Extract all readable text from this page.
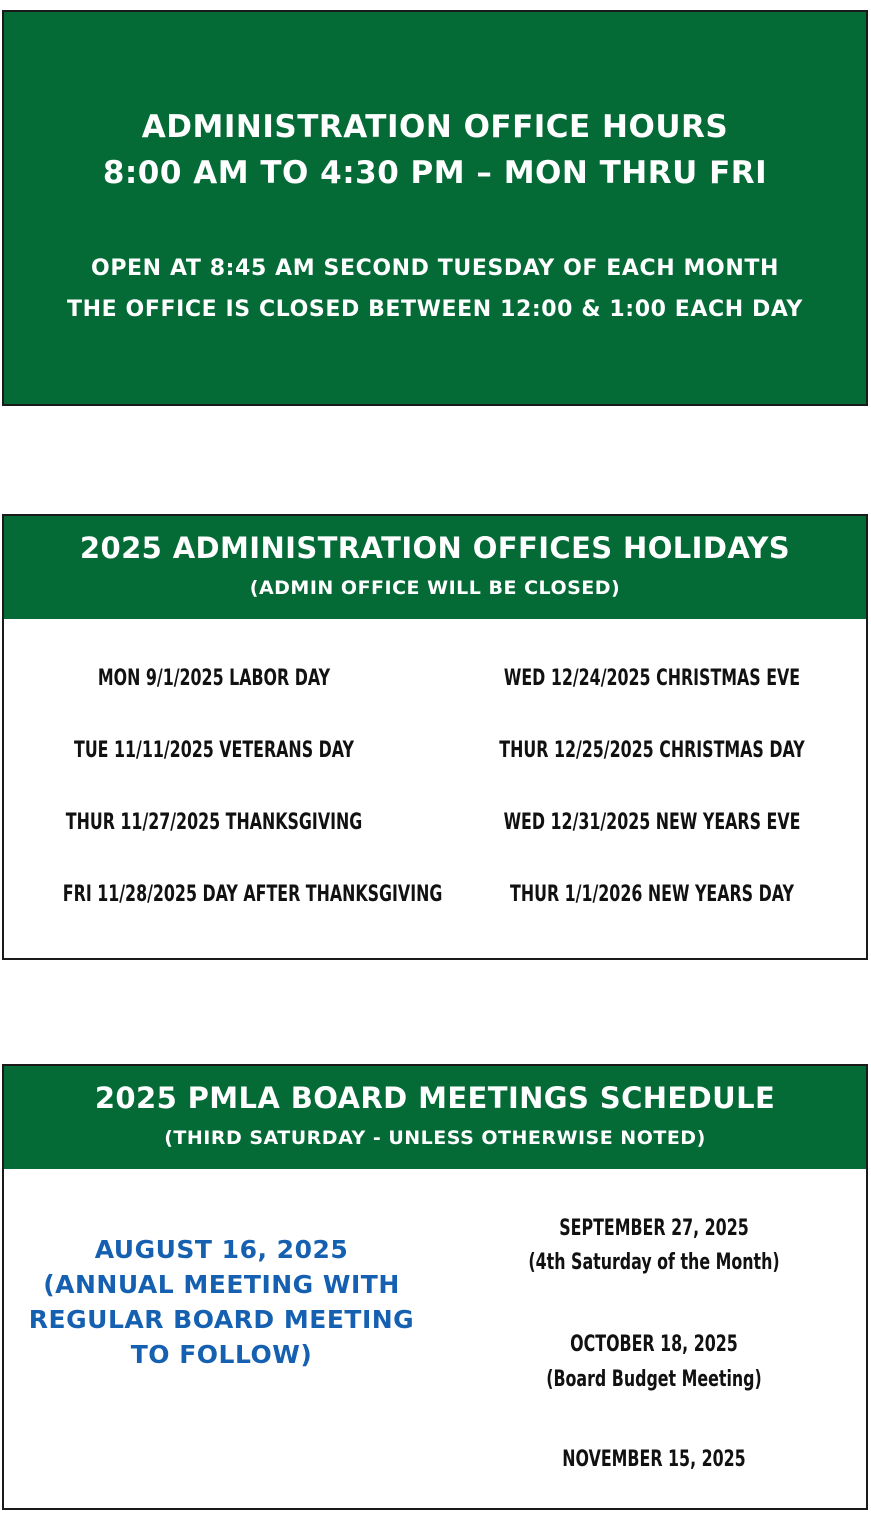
ADMINISTRATION OFFICE HOURS
8:00 AM TO 4:30 PM – MON THRU FRI
OPEN AT 8:45 AM SECOND TUESDAY OF EACH MONTH
THE OFFICE IS CLOSED BETWEEN 12:00 & 1:00 EACH DAY
2025 ADMINISTRATION OFFICES HOLIDAYS
(ADMIN OFFICE WILL BE CLOSED)
MON 9/1/2025 LABOR DAY
TUE 11/11/2025 VETERANS DAY
THUR 11/27/2025 THANKSGIVING
FRI 11/28/2025 DAY AFTER THANKSGIVING
WED 12/24/2025 CHRISTMAS EVE
THUR 12/25/2025 CHRISTMAS DAY
WED 12/31/2025 NEW YEARS EVE
THUR 1/1/2026 NEW YEARS DAY
2025 PMLA BOARD MEETINGS SCHEDULE
(THIRD SATURDAY - UNLESS OTHERWISE NOTED)
AUGUST 16, 2025
(ANNUAL MEETING WITH
REGULAR BOARD MEETING
TO FOLLOW)
SEPTEMBER 27, 2025
(4th Saturday of the Month)
OCTOBER 18, 2025
(Board Budget Meeting)
NOVEMBER 15, 2025
